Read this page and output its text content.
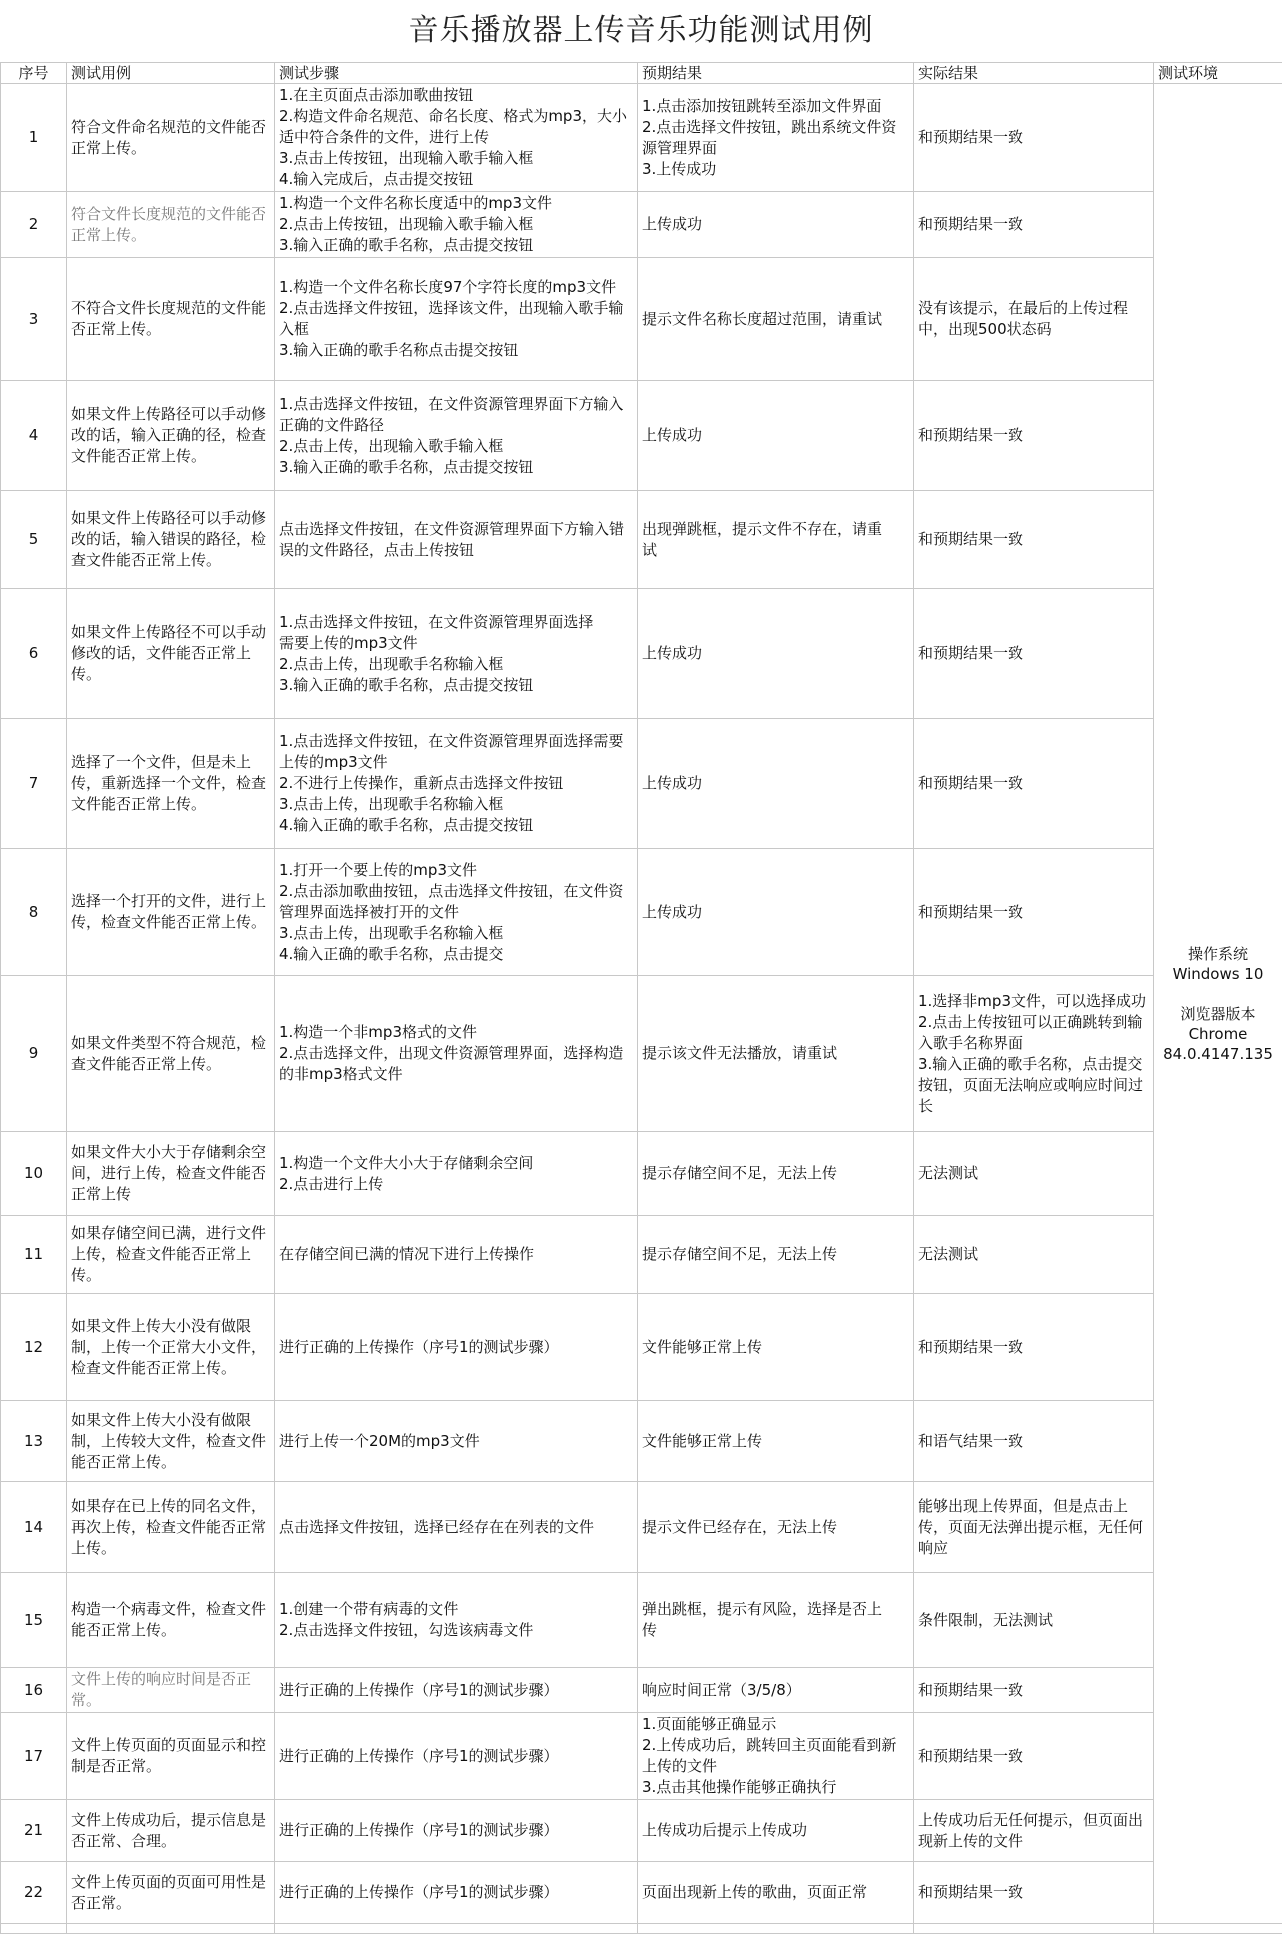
音乐播放器上传音乐功能测试用例
序号	测试用例	测试步骤	预期结果	实际结果	测试环境
1	符合文件命名规范的文件能否正常上传。	1.在主页面点击添加歌曲按钮
2.构造文件命名规范、命名长度、格式为mp3，大小适中符合条件的文件，进行上传
3.点击上传按钮，出现输入歌手输入框
4.输入完成后，点击提交按钮	1.点击添加按钮跳转至添加文件界面
2.点击选择文件按钮，跳出系统文件资源管理界面
3.上传成功	和预期结果一致	操作系统
Windows 10

浏览器版本
Chrome
84.0.4147.135
2	符合文件长度规范的文件能否正常上传。	1.构造一个文件名称长度适中的mp3文件
2.点击上传按钮，出现输入歌手输入框
3.输入正确的歌手名称，点击提交按钮	上传成功	和预期结果一致	
3	不符合文件长度规范的文件能否正常上传。	1.构造一个文件名称长度97个字符长度的mp3文件
2.点击选择文件按钮，选择该文件，出现输入歌手输入框
3.输入正确的歌手名称点击提交按钮	提示文件名称长度超过范围，请重试	没有该提示，在最后的上传过程中，出现500状态码	
4	如果文件上传路径可以手动修改的话，输入正确的径，检查文件能否正常上传。	1.点击选择文件按钮，在文件资源管理界面下方输入正确的文件路径
2.点击上传，出现输入歌手输入框
3.输入正确的歌手名称，点击提交按钮	上传成功	和预期结果一致	
5	如果文件上传路径可以手动修改的话，输入错误的路径，检查文件能否正常上传。	点击选择文件按钮，在文件资源管理界面下方输入错误的文件路径，点击上传按钮	出现弹跳框，提示文件不存在，请重
试	和预期结果一致	
6	如果文件上传路径不可以手动修改的话，文件能否正常上传。	1.点击选择文件按钮，在文件资源管理界面选择
需要上传的mp3文件
2.点击上传，出现歌手名称输入框
3.输入正确的歌手名称，点击提交按钮	上传成功	和预期结果一致	
7	选择了一个文件，但是未上传，重新选择一个文件，检查文件能否正常上传。	1.点击选择文件按钮，在文件资源管理界面选择需要上传的mp3文件
2.不进行上传操作，重新点击选择文件按钮
3.点击上传，出现歌手名称输入框
4.输入正确的歌手名称，点击提交按钮	上传成功	和预期结果一致	
8	选择一个打开的文件，进行上传，检查文件能否正常上传。	1.打开一个要上传的mp3文件
2.点击添加歌曲按钮，点击选择文件按钮，在文件资管理界面选择被打开的文件
3.点击上传，出现歌手名称输入框
4.输入正确的歌手名称，点击提交	上传成功	和预期结果一致	
9	如果文件类型不符合规范，检查文件能否正常上传。	1.构造一个非mp3格式的文件
2.点击选择文件，出现文件资源管理界面，选择构造的非mp3格式文件	提示该文件无法播放，请重试	1.选择非mp3文件，可以选择成功
2.点击上传按钮可以正确跳转到输入歌手名称界面
3.输入正确的歌手名称，点击提交按钮，页面无法响应或响应时间过长	
10	如果文件大小大于存储剩余空间，进行上传，检查文件能否正常上传	1.构造一个文件大小大于存储剩余空间
2.点击进行上传	提示存储空间不足，无法上传	无法测试	
11	如果存储空间已满，进行文件上传，检查文件能否正常上传。	在存储空间已满的情况下进行上传操作	提示存储空间不足，无法上传	无法测试	
12	如果文件上传大小没有做限制，上传一个正常大小文件，检查文件能否正常上传。	进行正确的上传操作（序号1的测试步骤）	文件能够正常上传	和预期结果一致	
13	如果文件上传大小没有做限制，上传较大文件，检查文件能否正常上传。	进行上传一个20M的mp3文件	文件能够正常上传	和语气结果一致	
14	如果存在已上传的同名文件，再次上传，检查文件能否正常上传。	点击选择文件按钮，选择已经存在在列表的文件	提示文件已经存在，无法上传	能够出现上传界面，但是点击上传，页面无法弹出提示框，无任何响应	
15	构造一个病毒文件，检查文件能否正常上传。	1.创建一个带有病毒的文件
2.点击选择文件按钮，勾选该病毒文件	弹出跳框，提示有风险，选择是否上
传	条件限制，无法测试	
16	文件上传的响应时间是否正常。	进行正确的上传操作（序号1的测试步骤）	响应时间正常（3/5/8）	和预期结果一致	
17	文件上传页面的页面显示和控制是否正常。	进行正确的上传操作（序号1的测试步骤）	1.页面能够正确显示
2.上传成功后，跳转回主页面能看到新上传的文件
3.点击其他操作能够正确执行	和预期结果一致	
21	文件上传成功后，提示信息是否正常、合理。	进行正确的上传操作（序号1的测试步骤）	上传成功后提示上传成功	上传成功后无任何提示，但页面出现新上传的文件	
22	文件上传页面的页面可用性是否正常。	进行正确的上传操作（序号1的测试步骤）	页面出现新上传的歌曲，页面正常	和预期结果一致	
